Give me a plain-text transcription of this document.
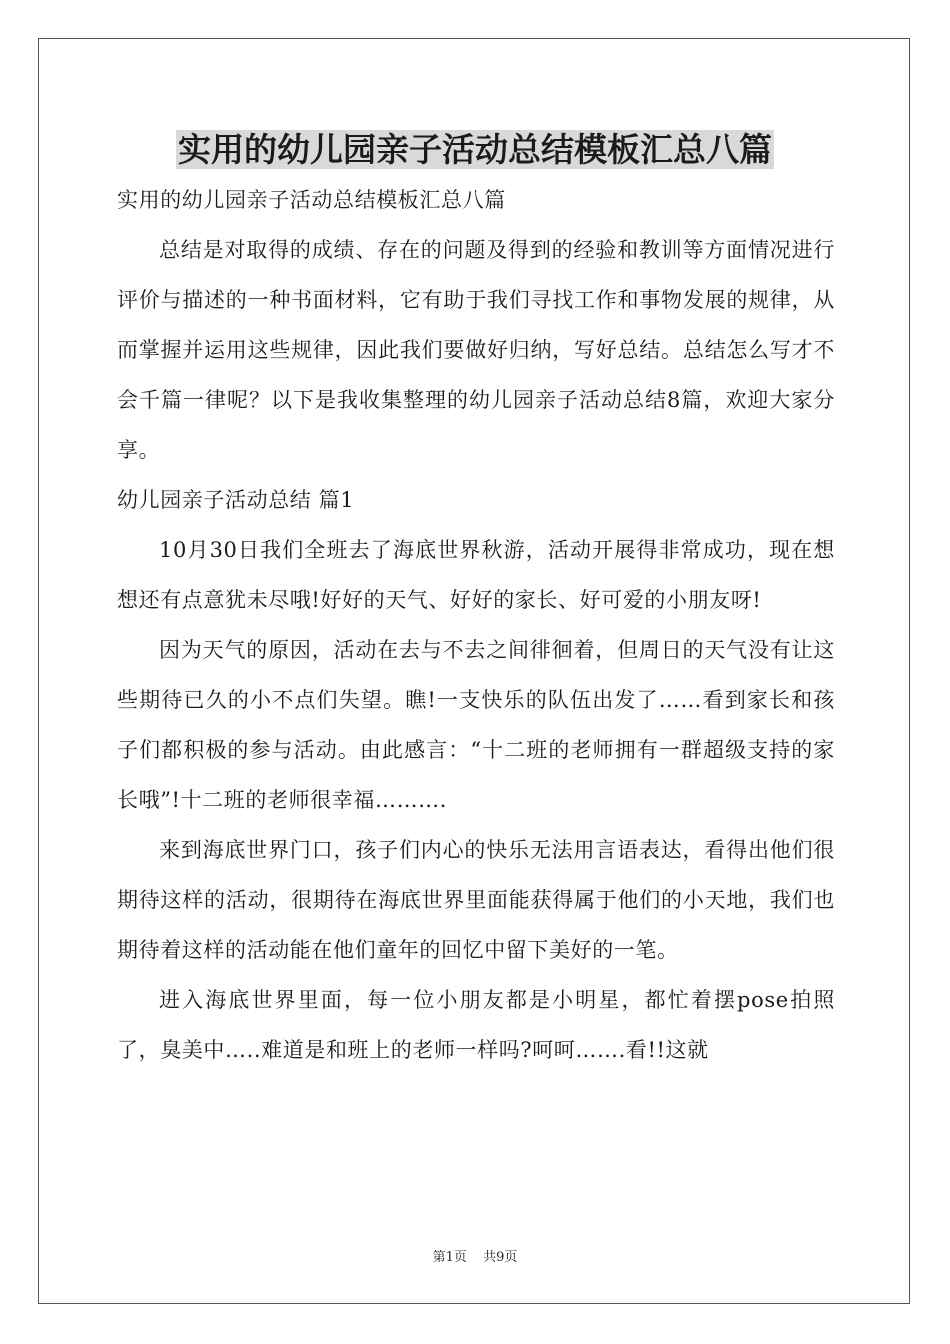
实用的幼儿园亲子活动总结模板汇总八篇

实用的幼儿园亲子活动总结模板汇总八篇

总结是对取得的成绩、存在的问题及得到的经验和教训等方面情况进行评价与描述的一种书面材料，它有助于我们寻找工作和事物发展的规律，从而掌握并运用这些规律，因此我们要做好归纳，写好总结。总结怎么写才不会千篇一律呢？以下是我收集整理的幼儿园亲子活动总结8篇，欢迎大家分享。

幼儿园亲子活动总结 篇1

10月30日我们全班去了海底世界秋游，活动开展得非常成功，现在想想还有点意犹未尽哦!好好的天气、好好的家长、好可爱的小朋友呀!

因为天气的原因，活动在去与不去之间徘徊着，但周日的天气没有让这些期待已久的小不点们失望。瞧!一支快乐的队伍出发了……看到家长和孩子们都积极的参与活动。由此感言：“十二班的老师拥有一群超级支持的家长哦”!十二班的老师很幸福……….

来到海底世界门口，孩子们内心的快乐无法用言语表达，看得出他们很期待这样的活动，很期待在海底世界里面能获得属于他们的小天地，我们也期待着这样的活动能在他们童年的回忆中留下美好的一笔。

进入海底世界里面，每一位小朋友都是小明星，都忙着摆pose拍照了，臭美中…..难道是和班上的老师一样吗?呵呵…….看!!这就

第1页 共9页
